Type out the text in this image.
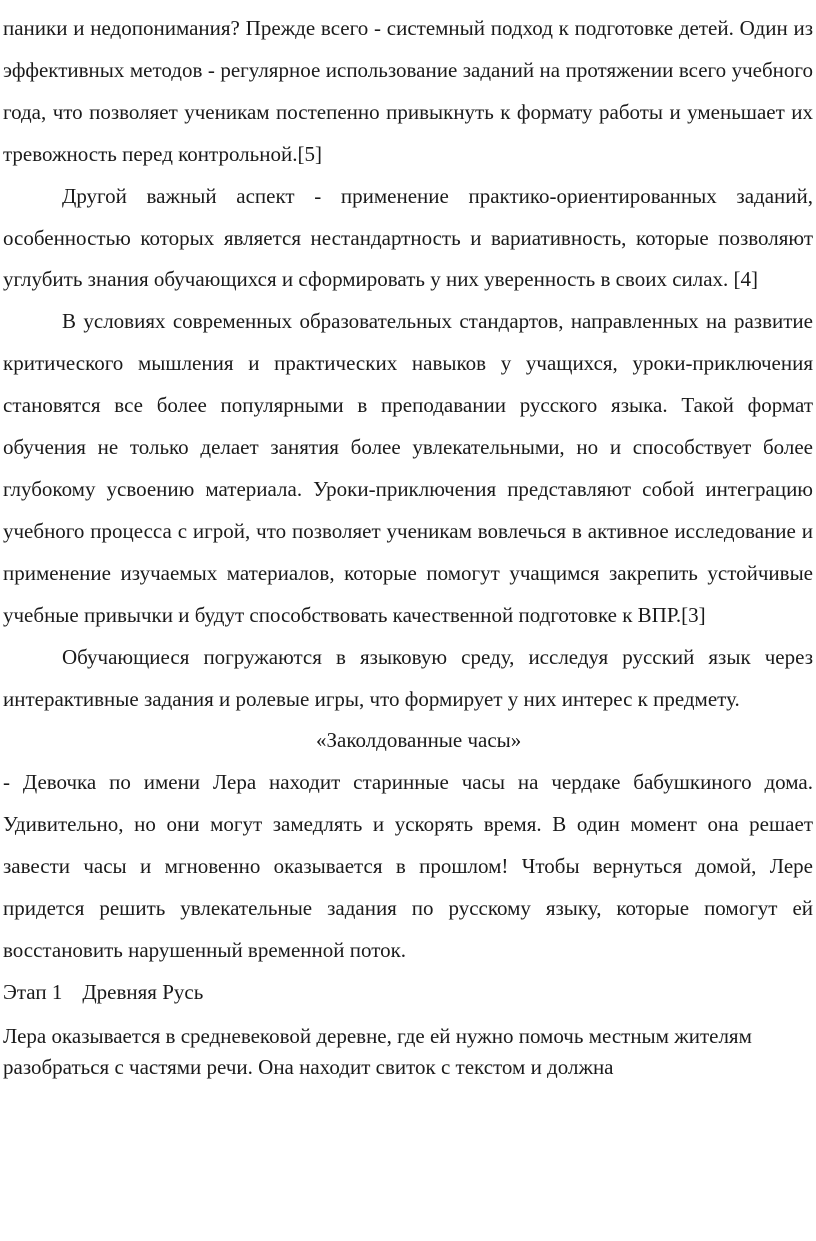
паники и недопонимания? Прежде всего - системный подход к подготовке детей. Один из эффективных методов - регулярное использование заданий на протяжении всего учебного года, что позволяет ученикам постепенно привыкнуть к формату работы и уменьшает их тревожность перед контрольной.[5]

Другой важный аспект - применение практико-ориентированных заданий, особенностью которых является нестандартность и вариативность, которые позволяют углубить знания обучающихся и сформировать у них уверенность в своих силах. [4]

В условиях современных образовательных стандартов, направленных на развитие критического мышления и практических навыков у учащихся, уроки-приключения становятся все более популярными в преподавании русского языка. Такой формат обучения не только делает занятия более увлекательными, но и способствует более глубокому усвоению материала. Уроки-приключения представляют собой интеграцию учебного процесса с игрой, что позволяет ученикам вовлечься в активное исследование и применение изучаемых материалов, которые помогут учащимся закрепить устойчивые учебные привычки и будут способствовать качественной подготовке к ВПР.[3]

Обучающиеся погружаются в языковую среду, исследуя русский язык через интерактивные задания и ролевые игры, что формирует у них интерес к предмету.

«Заколдованные часы»

- Девочка по имени Лера находит старинные часы на чердаке бабушкиного дома. Удивительно, но они могут замедлять и ускорять время. В один момент она решает завести часы и мгновенно оказывается в прошлом! Чтобы вернуться домой, Лере придется решить увлекательные задания по русскому языку, которые помогут ей восстановить нарушенный временной поток.

Этап 1 Древняя Русь

Лера оказывается в средневековой деревне, где ей нужно помочь местным жителям разобраться с частями речи. Она находит свиток с текстом и должна
